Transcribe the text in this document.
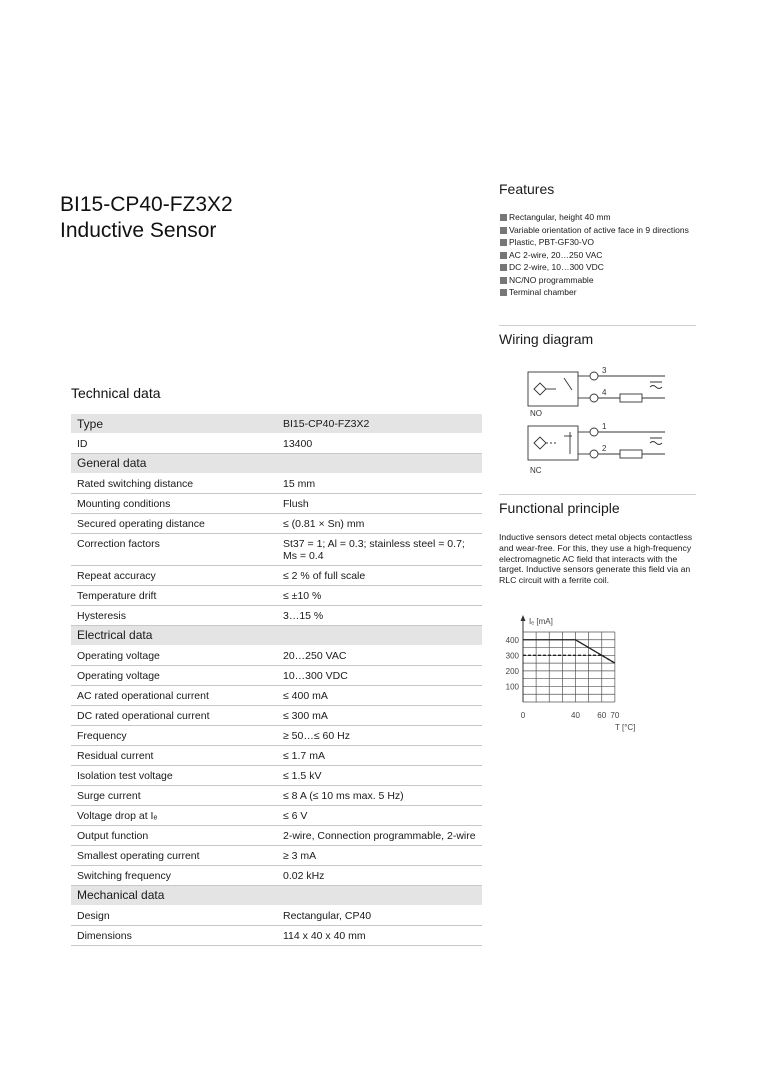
BI15-CP40-FZ3X2
Inductive Sensor
Technical data
Type	BI15-CP40-FZ3X2
ID	13400
General data	
Rated switching distance	15 mm
Mounting conditions	Flush
Secured operating distance	≤ (0.81 × Sn) mm
Correction factors	St37 = 1; Al = 0.3; stainless steel = 0.7;
Ms = 0.4

Repeat accuracy	≤ 2 % of full scale
Temperature drift	≤ ±10 %
Hysteresis	3…15 %
Electrical data	
Operating voltage	20…250 VAC
Operating voltage	10…300 VDC
AC rated operational current	≤ 400 mA
DC rated operational current	≤ 300 mA
Frequency	≥ 50…≤ 60 Hz
Residual current	≤ 1.7 mA
Isolation test voltage	≤ 1.5 kV
Surge current	≤ 8 A (≤ 10 ms max. 5 Hz)
Voltage drop at Iₑ	≤ 6 V
Output function	2-wire, Connection programmable, 2-wire
Smallest operating current	≥ 3 mA
Switching frequency	0.02 kHz
Mechanical data	
Design	Rectangular, CP40
Dimensions	114 x 40 x 40 mm
Features
Rectangular, height 40 mm
Variable orientation of active face in 9 directions
Plastic, PBT-GF30-VO
AC 2-wire, 20…250 VAC
DC 2-wire, 10…300 VDC
NC/NO programmable
Terminal chamber
Wiring diagram
3
4
NO
1
2
NC
Functional principle

Inductive sensors detect metal objects contactless and wear-free. For this, they use a high-frequency electromagnetic AC field that interacts with the target. Inductive sensors generate this field via an RLC circuit with a ferrite coil.

Iₑ [mA]
T [°C]
100
200
300
400
0	40 60 70
